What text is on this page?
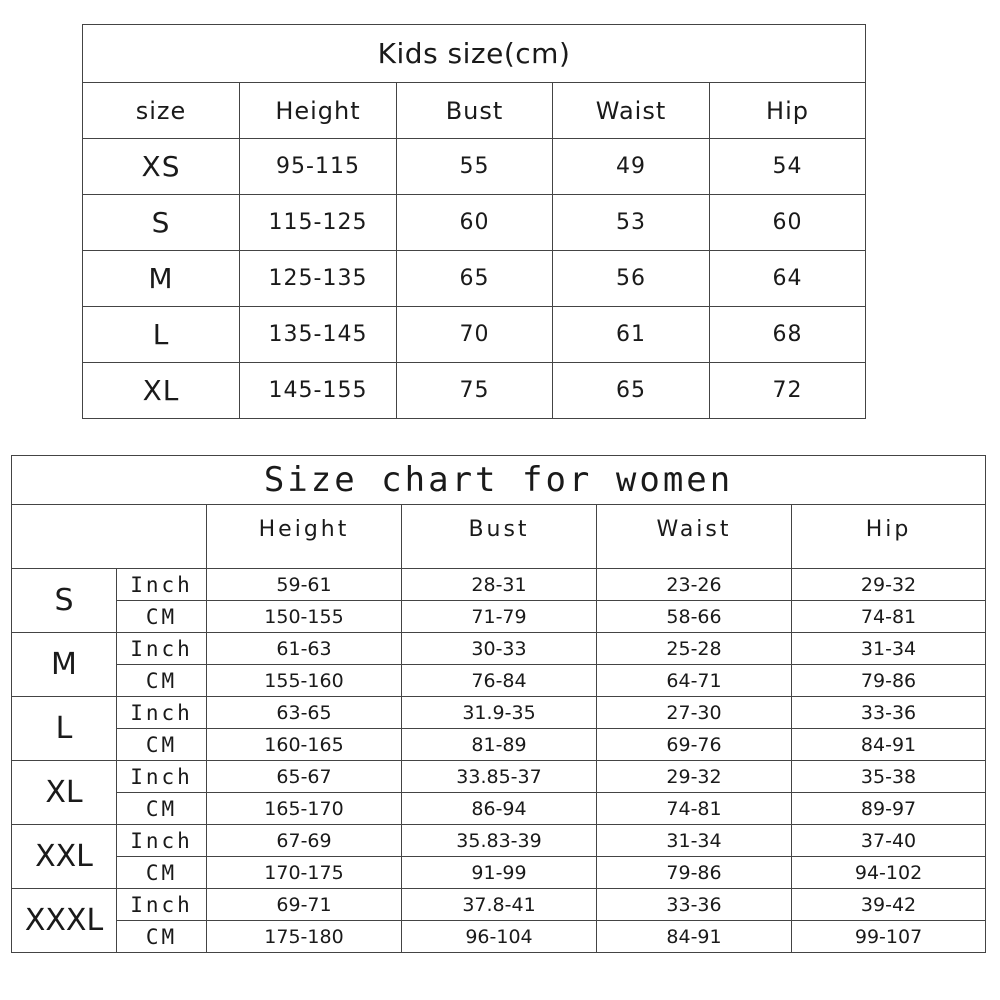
Kids size(cm)				
size	Height	Bust	Waist	Hip
XS	95-115	55	49	54
S	115-125	60	53	60
M	125-135	65	56	64
L	135-145	70	61	68
XL	145-155	75	65	72
Size chart for women					
		Height	Bust	Waist	Hip
S	Inch	59-61	28-31	23-26	29-32
	CM	150-155	71-79	58-66	74-81
M	Inch	61-63	30-33	25-28	31-34
	CM	155-160	76-84	64-71	79-86
L	Inch	63-65	31.9-35	27-30	33-36
	CM	160-165	81-89	69-76	84-91
XL	Inch	65-67	33.85-37	29-32	35-38
	CM	165-170	86-94	74-81	89-97
XXL	Inch	67-69	35.83-39	31-34	37-40
	CM	170-175	91-99	79-86	94-102
XXXL	Inch	69-71	37.8-41	33-36	39-42
	CM	175-180	96-104	84-91	99-107
